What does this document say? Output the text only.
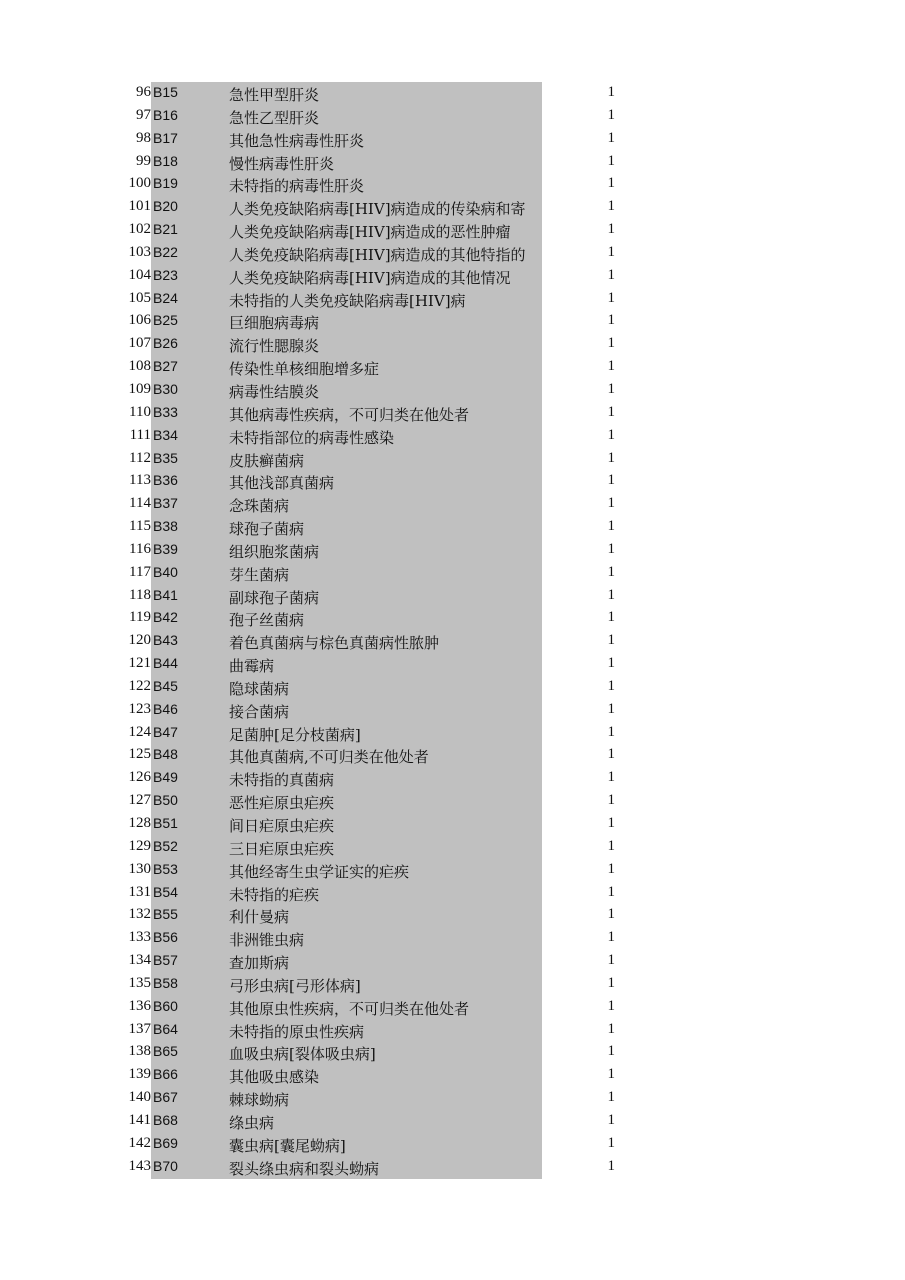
96 B15	急性甲型肝炎	1
97 B16	急性乙型肝炎	1
98 B17	其他急性病毒性肝炎	1
99 B18	慢性病毒性肝炎	1
100 B19	未特指的病毒性肝炎	1
101 B20	人类免疫缺陷病毒[HIV]病造成的传染病和寄	1
102 B21	人类免疫缺陷病毒[HIV]病造成的恶性肿瘤	1
103 B22	人类免疫缺陷病毒[HIV]病造成的其他特指的	1
104 B23	人类免疫缺陷病毒[HIV]病造成的其他情况	1
105 B24	未特指的人类免疫缺陷病毒[HIV]病	1
106 B25	巨细胞病毒病	1
107 B26	流行性腮腺炎	1
108 B27	传染性单核细胞增多症	1
109 B30	病毒性结膜炎	1
110 B33	其他病毒性疾病，不可归类在他处者	1
111 B34	未特指部位的病毒性感染	1
112 B35	皮肤癣菌病	1
113 B36	其他浅部真菌病	1
114 B37	念珠菌病	1
115 B38	球孢子菌病	1
116 B39	组织胞浆菌病	1
117 B40	芽生菌病	1
118 B41	副球孢子菌病	1
119 B42	孢子丝菌病	1
120 B43	着色真菌病与棕色真菌病性脓肿	1
121 B44	曲霉病	1
122 B45	隐球菌病	1
123 B46	接合菌病	1
124 B47	足菌肿[足分枝菌病]	1
125 B48	其他真菌病,不可归类在他处者	1
126 B49	未特指的真菌病	1
127 B50	恶性疟原虫疟疾	1
128 B51	间日疟原虫疟疾	1
129 B52	三日疟原虫疟疾	1
130 B53	其他经寄生虫学证实的疟疾	1
131 B54	未特指的疟疾	1
132 B55	利什曼病	1
133 B56	非洲锥虫病	1
134 B57	查加斯病	1
135 B58	弓形虫病[弓形体病]	1
136 B60	其他原虫性疾病，不可归类在他处者	1
137 B64	未特指的原虫性疾病	1
138 B65	血吸虫病[裂体吸虫病]	1
139 B66	其他吸虫感染	1
140 B67	棘球蚴病	1
141 B68	绦虫病	1
142 B69	囊虫病[囊尾蚴病]	1
143 B70	裂头绦虫病和裂头蚴病	1
